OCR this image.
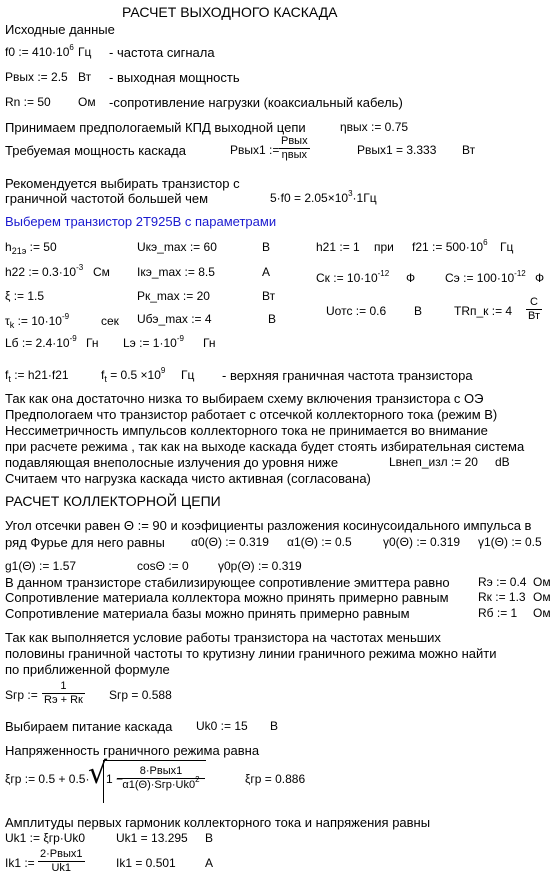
РАСЧЕТ ВЫХОДНОГО КАСКАДА
Исходные данные
f0 := $410\cdot 10^6$ Гц - частота сигнала
Рвых := 2.5 Вт - выходная мощность
Rn := 50 Ом -сопротивление нагрузки (коаксиальный кабель)
Принимаем предпологаемый КПД выходной цепи	ηвых := 0.75
Требуемая мощность каскада	Рвых1 :=
Рвых
ηвых	Рвых1 = 3.333 Вт
Рекомендуется выбирать транзистор с
граничной частотой большей чем	$5\cdot f0 = 2.05\times 10^3\cdot 1Гц$
Выберем транзистор 2Т925В с параметрами
$h_{21э}$ := 50	Uкэ_max := 60	В	h21 := 1 при f21 := $500\cdot 10^6$ Гц
h22 := $0.3\cdot 10^{-3}$ См Iкэ_max := 8.5	А	Cк := $10\cdot 10^{-12}$ Ф Cэ := $100\cdot 10^{-12}$ Ф
ξ := 1.5	Рк_max := 20	Вт
Uотс := 0.6 В	TRп_к := 4
C
Вт
$\tau_k$ := $10\cdot 10^{-9}$	сек Uбэ_max := 4	В
Lб := $2.4\cdot 10^{-9}$ Гн Lэ := $1\cdot 10^{-9}$ Гн
$f_t$ := h21·f21	$f_t = 0.5 \times 10^9$ Гц - верхняя граничная частота транзистора
Так как она достаточно низка то выбираем схему включения транзистора с ОЭ
Предпологаем что транзистор работает с отсечкой коллекторного тока (режим В)
Нессиметричность импульсов коллекторного тока не принимается во внимание
при расчете режима , так как на выходе каскада будет стоять избирательная система
подавляющая внеполосные излучения до уровня ниже	Lвнеп_изл := 20 dB
Считаем что нагрузка каскада чисто активная (согласована)
РАСЧЕТ КОЛЛЕКТОРНОЙ ЦЕПИ
Угол отсечки равен Θ := 90 и коэфициенты разложения косинусоидального импульса в
ряд Фурье для него равны α0(Θ) := 0.319 α1(Θ) := 0.5	γ0(Θ) := 0.319 γ1(Θ) := 0.5
g1(Θ) := 1.57	cosΘ := 0 γ0р(Θ) := 0.319
В данном транзисторе стабилизирующее сопротивление эмиттера равно Rэ := 0.4 Ом
Сопротивление материала коллектора можно принять примерно равным Rк := 1.3 Ом
Сопротивление материала базы можно принять примерно равным	Rб := 1 Ом
Так как выполняется условие работы транзистора на частотах меньших
половины граничной частоты то крутизну линии граничного режима можно найти
по приближенной формуле
Sгр :=
1
Rэ + Rк Sгр = 0.588
Выбираем питание каскада Uk0 := 15 В
Напряженность граничного режима равна
ξгр := 0.5 + 0.5·
√
1 −
8·Рвых1
$\alpha 1(\Theta)\cdot Sгр\cdot Uk0^2$	ξгр = 0.886
Амплитуды первых гармоник коллекторного тока и напряжения равны
Uk1 := ξгр·Uk0	Uk1 = 13.295 В
Ik1 :=
2·Рвых1
Uk1	Ik1 = 0.501 А
